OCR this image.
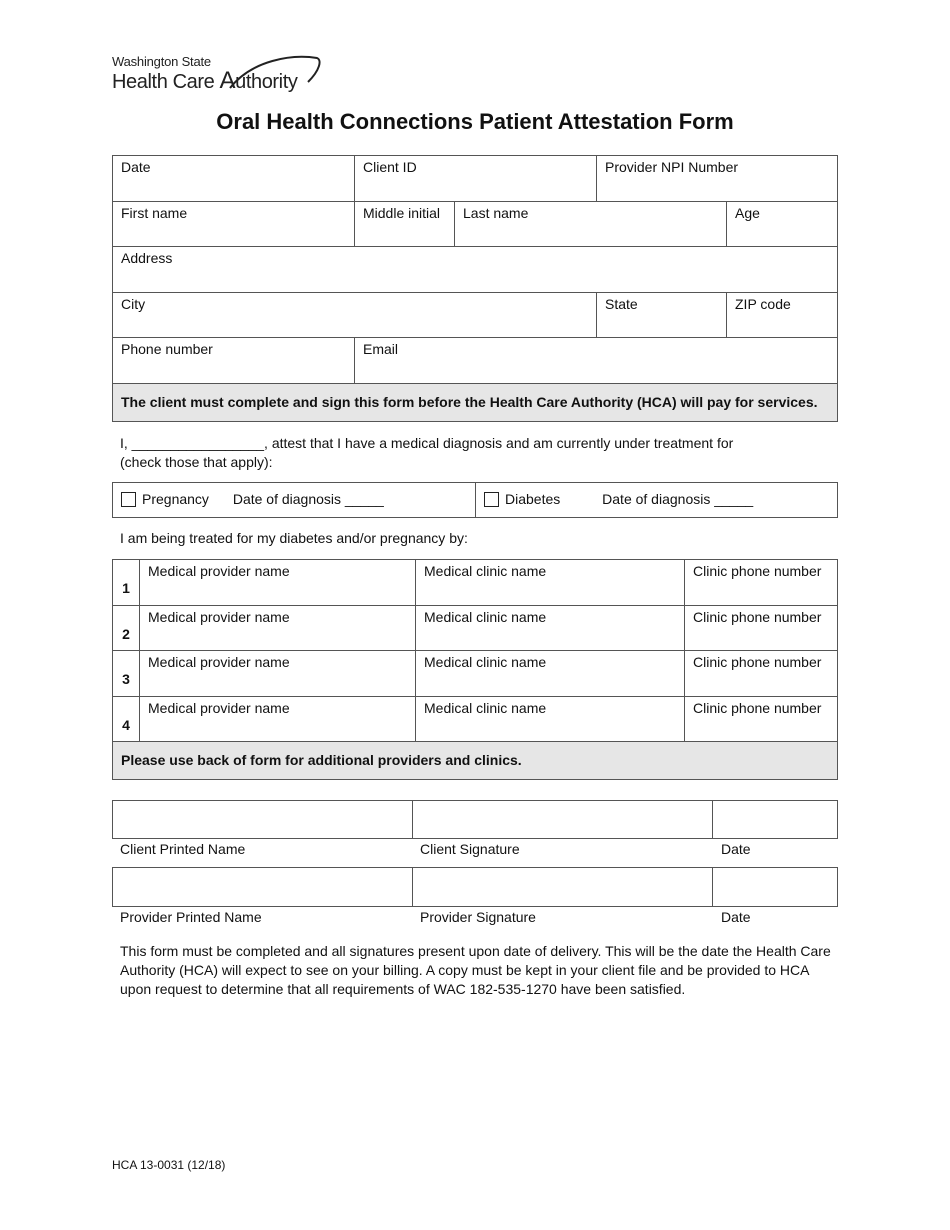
Washington State
Health Care Authority
Oral Health Connections Patient Attestation Form
Date	Client ID	Provider NPI Number
First name	Middle initial	Last name	Age
Address
City	State	ZIP code
Phone number	Email
The client must complete and sign this form before the Health Care Authority (HCA) will pay for services.
I, _________________, attest that I have a medical diagnosis and am currently under treatment for
(check those that apply):
Pregnancy Date of diagnosis _____	Diabetes	Date of diagnosis _____
I am being treated for my diabetes and/or pregnancy by:
1
Medical provider name	Medical clinic name	Clinic phone number
2
Medical provider name	Medical clinic name	Clinic phone number
3
Medical provider name	Medical clinic name	Clinic phone number
4
Medical provider name	Medical clinic name	Clinic phone number
Please use back of form for additional providers and clinics.
Client Printed Name	Client Signature	Date
Provider Printed Name	Provider Signature	Date
This form must be completed and all signatures present upon date of delivery. This will be the date the Health Care Authority (HCA) will expect to see on your billing. A copy must be kept in your client file and be provided to HCA upon request to determine that all requirements of WAC 182-535-1270 have been satisfied.
HCA 13-0031 (12/18)
